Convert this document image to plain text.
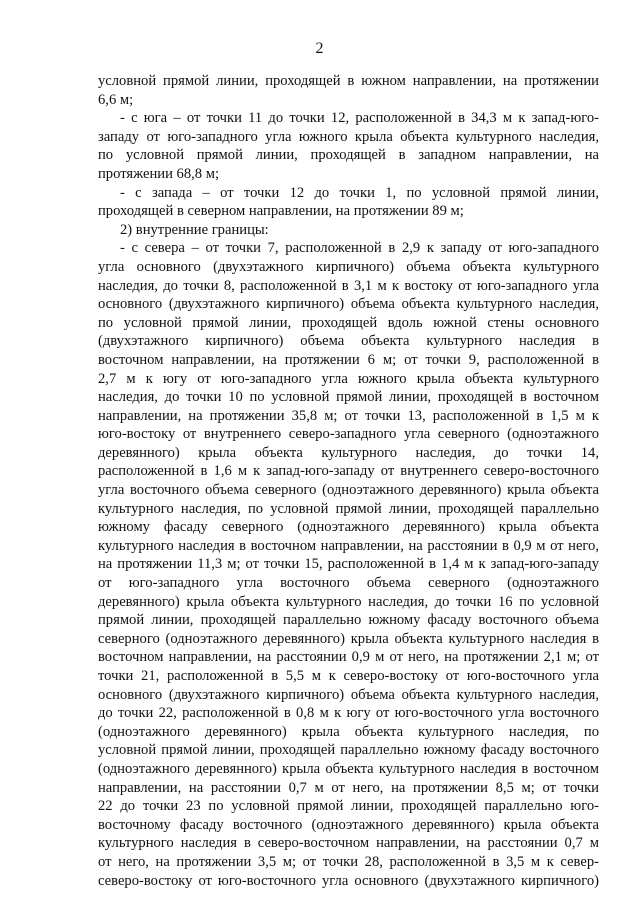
2
условной прямой линии, проходящей в южном направлении, на протяжении
6,6 м;
- с юга – от точки 11 до точки 12, расположенной в 34,3 м к запад-юго-
западу от юго-западного угла южного крыла объекта культурного наследия,
по условной прямой линии, проходящей в западном направлении, на
протяжении 68,8 м;
- с запада – от точки 12 до точки 1, по условной прямой линии,
проходящей в северном направлении, на протяжении 89 м;
2) внутренние границы:
- с севера – от точки 7, расположенной в 2,9 к западу от юго-западного
угла основного (двухэтажного кирпичного) объема объекта культурного
наследия, до точки 8, расположенной в 3,1 м к востоку от юго-западного угла
основного (двухэтажного кирпичного) объема объекта культурного наследия,
по условной прямой линии, проходящей вдоль южной стены основного
(двухэтажного кирпичного) объема объекта культурного наследия в
восточном направлении, на протяжении 6 м; от точки 9, расположенной в
2,7 м к югу от юго-западного угла южного крыла объекта культурного
наследия, до точки 10 по условной прямой линии, проходящей в восточном
направлении, на протяжении 35,8 м; от точки 13, расположенной в 1,5 м к
юго-востоку от внутреннего северо-западного угла северного (одноэтажного
деревянного) крыла объекта культурного наследия, до точки 14,
расположенной в 1,6 м к запад-юго-западу от внутреннего северо-восточного
угла восточного объема северного (одноэтажного деревянного) крыла объекта
культурного наследия, по условной прямой линии, проходящей параллельно
южному фасаду северного (одноэтажного деревянного) крыла объекта
культурного наследия в восточном направлении, на расстоянии в 0,9 м от него,
на протяжении 11,3 м; от точки 15, расположенной в 1,4 м к запад-юго-западу
от юго-западного угла восточного объема северного (одноэтажного
деревянного) крыла объекта культурного наследия, до точки 16 по условной
прямой линии, проходящей параллельно южному фасаду восточного объема
северного (одноэтажного деревянного) крыла объекта культурного наследия в
восточном направлении, на расстоянии 0,9 м от него, на протяжении 2,1 м; от
точки 21, расположенной в 5,5 м к северо-востоку от юго-восточного угла
основного (двухэтажного кирпичного) объема объекта культурного наследия,
до точки 22, расположенной в 0,8 м к югу от юго-восточного угла восточного
(одноэтажного деревянного) крыла объекта культурного наследия, по
условной прямой линии, проходящей параллельно южному фасаду восточного
(одноэтажного деревянного) крыла объекта культурного наследия в восточном
направлении, на расстоянии 0,7 м от него, на протяжении 8,5 м; от точки
22 до точки 23 по условной прямой линии, проходящей параллельно юго-
восточному фасаду восточного (одноэтажного деревянного) крыла объекта
культурного наследия в северо-восточном направлении, на расстоянии 0,7 м
от него, на протяжении 3,5 м; от точки 28, расположенной в 3,5 м к север-
северо-востоку от юго-восточного угла основного (двухэтажного кирпичного)
